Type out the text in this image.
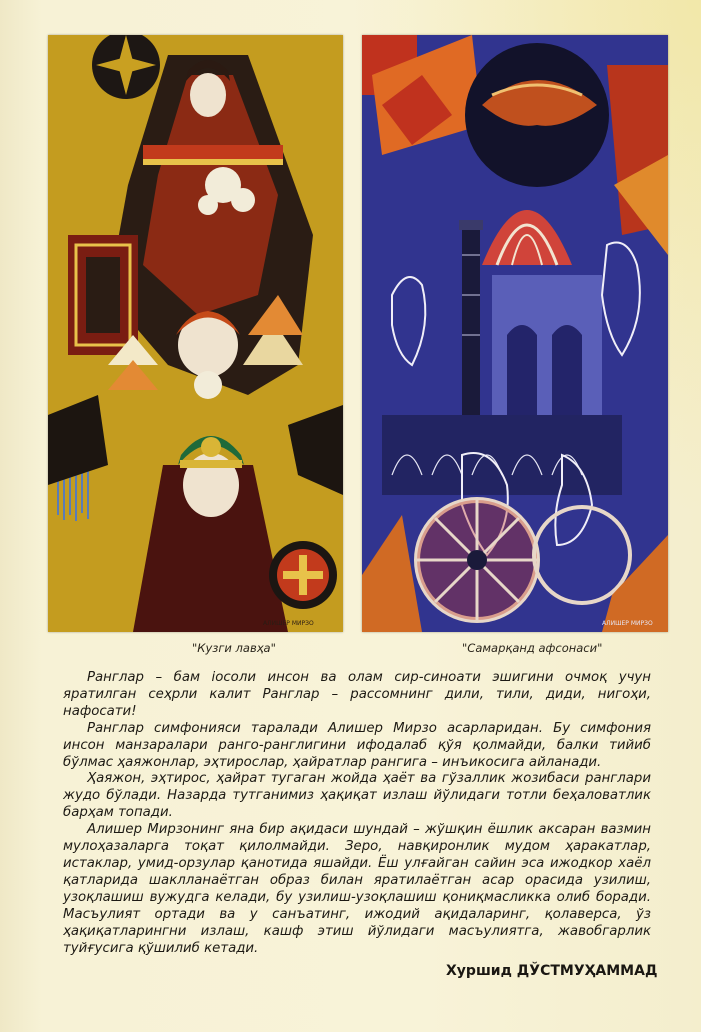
АЛИШЕР МИРЗО	АЛИШЕР МИРЗО
"Кузги лавҳа"	"Самарқанд афсонаси"

Ранглар – бам ioсоли инсон ва олам сир-синоати эшигини очмоқ учун яратилган сеҳрли калит Ранглар – рассомнинг дили, тили, диди, нигоҳи, нафосати!

Ранглар симфонияси таралади Алишер Мирзо асарларидан. Бу симфония инсон манзаралари ранго-ранглигини ифодалаб қўя қолмайди, балки тийиб бўлмас ҳаяжонлар, эҳтирослар, ҳайратлар рангига – инъикосига айланади.

Ҳаяжон, эҳтирос, ҳайрат тугаган жойда ҳаёт ва гўзаллик жозибаси ранглари жудо бўлади. Назарда тутганимиз ҳақиқат излаш йўлидаги тотли беҳаловатлик барҳам топади.

Алишер Мирзонинг яна бир ақидаси шундай – жўшқин ёшлик аксаран вазмин мулоҳазаларга тоқат қилолмайди. Зеро, навқиронлик мудом ҳаракатлар, истаклар, умид-орзулар қанотида яшайди. Ёш улғайган сайин эса ижодкор хаёл қатларида шаклланаётган образ билан яратилаётган асар орасида узилиш, узоқлашиш вужудга келади, бу узилиш-узоқлашиш қониқмасликка олиб боради. Масъулият ортади ва у санъатинг, ижодий ақидаларинг, қолаверса, ўз ҳақиқатларингни излаш, кашф этиш йўлидаги масъулиятга, жавобгарлик туйғусига қўшилиб кетади.

Хуршид ДЎСТМУҲАММАД
